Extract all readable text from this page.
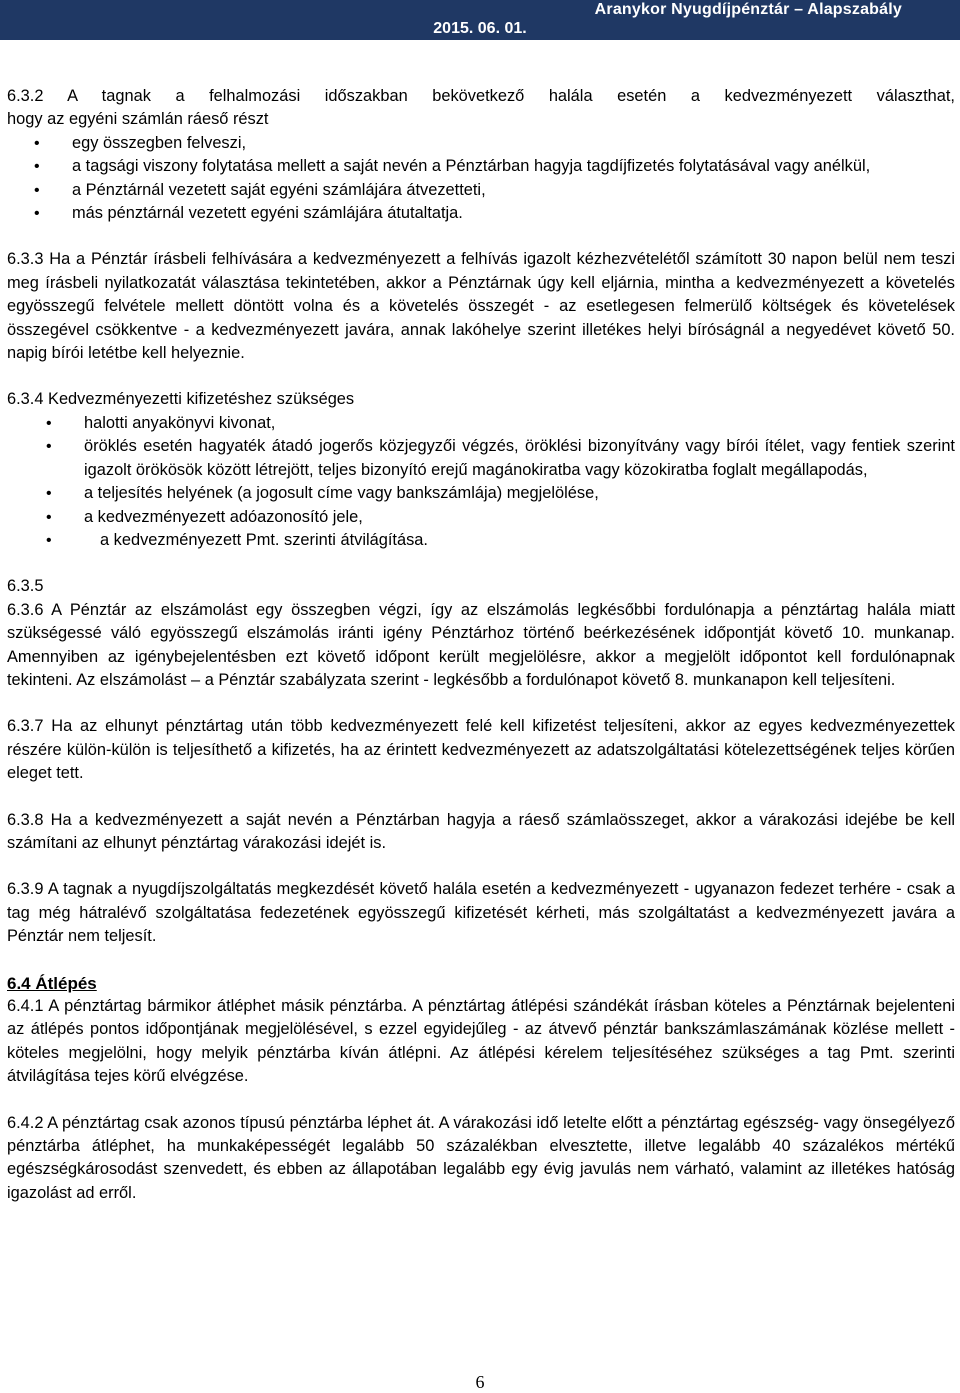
Aranykor Nyugdíjpénztár – Alapszabály
2015. 06. 01.

6.3.2 A tagnak a felhalmozási időszakban bekövetkező halála esetén a kedvezményezett választhat,

hogy az egyéni számlán ráeső részt

• egy összegben felveszi,
• a tagsági viszony folytatása mellett a saját nevén a Pénztárban hagyja tagdíjfizetés folytatásával vagy anélkül,
• a Pénztárnál vezetett saját egyéni számlájára átvezetteti,
• más pénztárnál vezetett egyéni számlájára átutaltatja.

6.3.3 Ha a Pénztár írásbeli felhívására a kedvezményezett a felhívás igazolt kézhezvételétől számított 30 napon belül nem teszi meg írásbeli nyilatkozatát választása tekintetében, akkor a Pénztárnak úgy kell eljárnia, mintha a kedvezményezett a követelés egyösszegű felvétele mellett döntött volna és a követelés összegét - az esetlegesen felmerülő költségek és követelések összegével csökkentve - a kedvezményezett javára, annak lakóhelye szerint illetékes helyi bíróságnál a negyedévet követő 50. napig bírói letétbe kell helyeznie.

6.3.4 Kedvezményezetti kifizetéshez szükséges

• halotti anyakönyvi kivonat,
• öröklés esetén hagyaték átadó jogerős közjegyzői végzés, öröklési bizonyítvány vagy bírói ítélet, vagy fentiek szerint igazolt örökösök között létrejött, teljes bizonyító erejű magánokiratba vagy közokiratba foglalt megállapodás,
• a teljesítés helyének (a jogosult címe vagy bankszámlája) megjelölése,
• a kedvezményezett adóazonosító jele,
• a kedvezményezett Pmt. szerinti átvilágítása.

6.3.5

6.3.6 A Pénztár az elszámolást egy összegben végzi, így az elszámolás legkésőbbi fordulónapja a pénztártag halála miatt szükségessé váló egyösszegű elszámolás iránti igény Pénztárhoz történő beérkezésének időpontját követő 10. munkanap. Amennyiben az igénybejelentésben ezt követő időpont került megjelölésre, akkor a megjelölt időpontot kell fordulónapnak tekinteni. Az elszámolást – a Pénztár szabályzata szerint - legkésőbb a fordulónapot követő 8. munkanapon kell teljesíteni.

6.3.7 Ha az elhunyt pénztártag után több kedvezményezett felé kell kifizetést teljesíteni, akkor az egyes kedvezményezettek részére külön-külön is teljesíthető a kifizetés, ha az érintett kedvezményezett az adatszolgáltatási kötelezettségének teljes körűen eleget tett.

6.3.8 Ha a kedvezményezett a saját nevén a Pénztárban hagyja a ráeső számlaösszeget, akkor a várakozási idejébe be kell számítani az elhunyt pénztártag várakozási idejét is.

6.3.9 A tagnak a nyugdíjszolgáltatás megkezdését követő halála esetén a kedvezményezett - ugyanazon fedezet terhére - csak a tag még hátralévő szolgáltatása fedezetének egyösszegű kifizetését kérheti, más szolgáltatást a kedvezményezett javára a Pénztár nem teljesít.

6.4 Átlépés

6.4.1 A pénztártag bármikor átléphet másik pénztárba. A pénztártag átlépési szándékát írásban köteles a Pénztárnak bejelenteni az átlépés pontos időpontjának megjelölésével, s ezzel egyidejűleg - az átvevő pénztár bankszámlaszámának közlése mellett - köteles megjelölni, hogy melyik pénztárba kíván átlépni. Az átlépési kérelem teljesítéséhez szükséges a tag Pmt. szerinti átvilágítása tejes körű elvégzése.

6.4.2 A pénztártag csak azonos típusú pénztárba léphet át. A várakozási idő letelte előtt a pénztártag egészség- vagy önsegélyező pénztárba átléphet, ha munkaképességét legalább 50 százalékban elvesztette, illetve legalább 40 százalékos mértékű egészségkárosodást szenvedett, és ebben az állapotában legalább egy évig javulás nem várható, valamint az illetékes hatóság igazolást ad erről.

6
